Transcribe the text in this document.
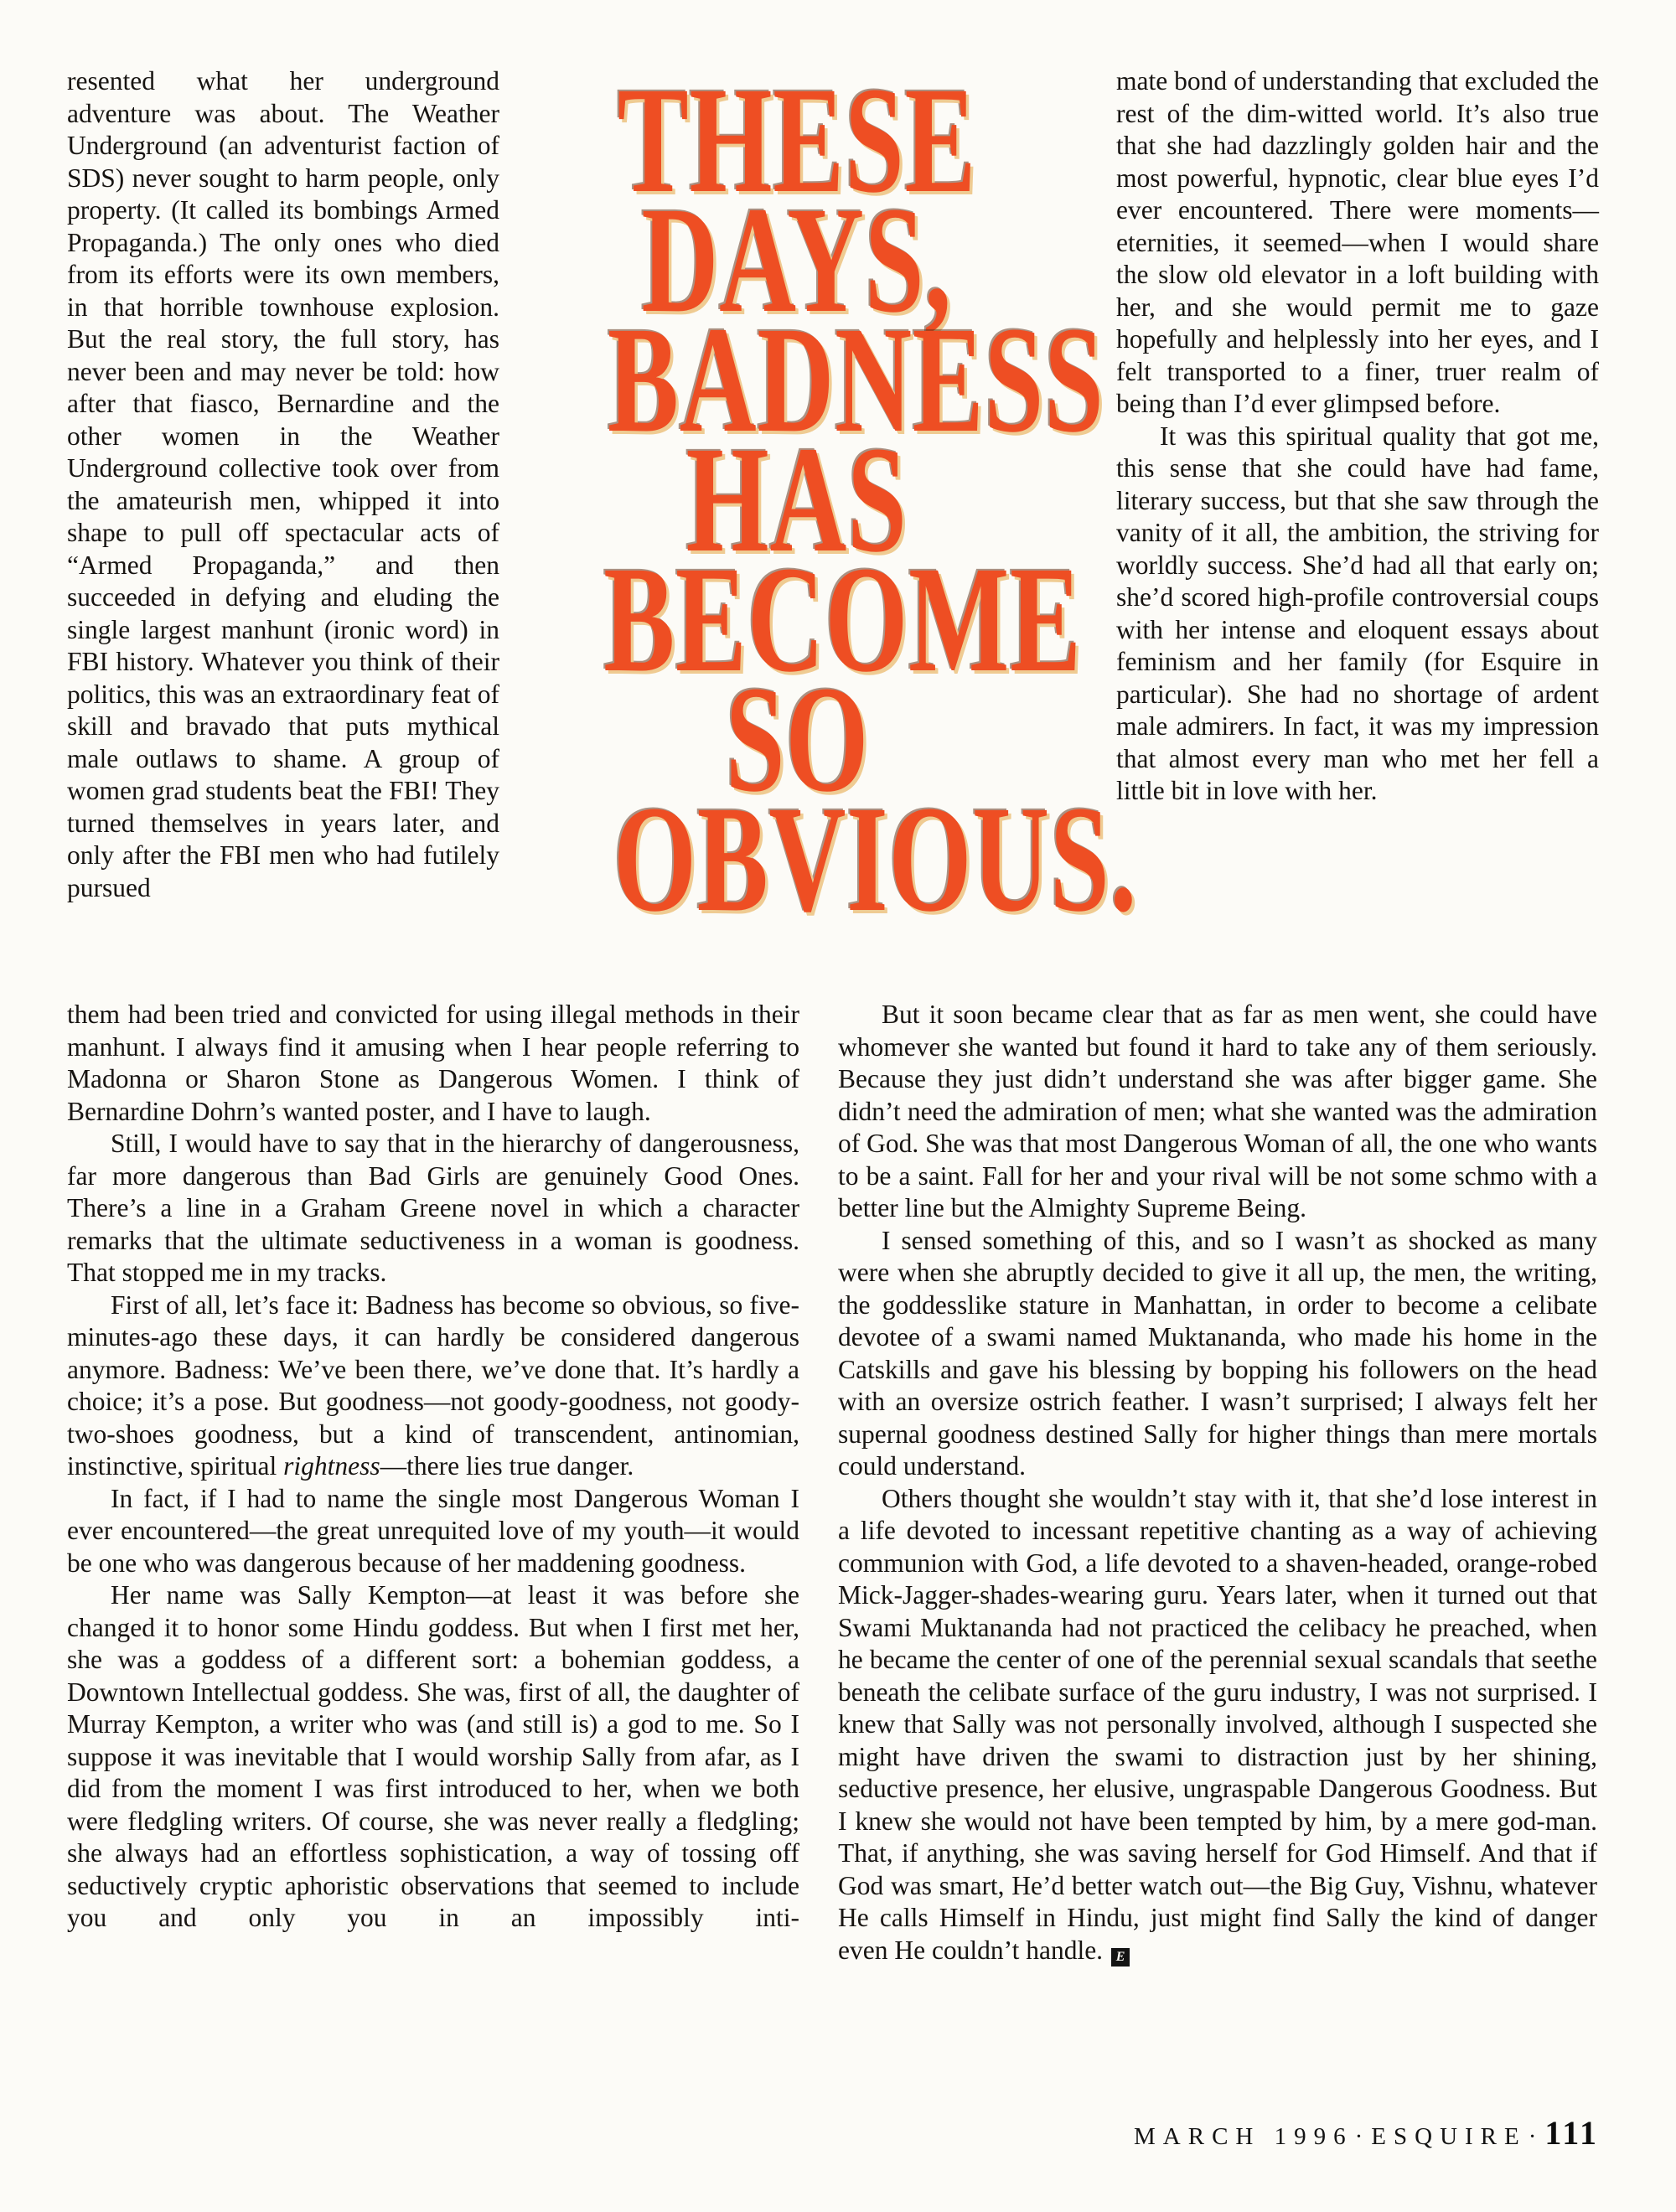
resented what her underground adventure was about. The Weather Underground (an adventurist faction of SDS) never sought to harm people, only property. (It called its bombings Armed Propaganda.) The only ones who died from its efforts were its own members, in that horrible townhouse explosion. But the real story, the full story, has never been and may never be told: how after that fiasco, Bernardine and the other women in the Weather Underground collective took over from the amateurish men, whipped it into shape to pull off spectacular acts of “Armed Propaganda,” and then succeeded in defying and eluding the single largest manhunt (ironic word) in FBI history. Whatever you think of their politics, this was an extraordinary feat of skill and bravado that puts mythical male outlaws to shame. A group of women grad students beat the FBI! They turned themselves in years later, and only after the FBI men who had futilely pursued

THESE
DAYS,
BADNESS
HAS
BECOME
SO
OBVIOUS.

mate bond of understanding that excluded the rest of the dim-witted world. It’s also true that she had dazzlingly golden hair and the most powerful, hypnotic, clear blue eyes I’d ever encountered. There were moments—eternities, it seemed—when I would share the slow old elevator in a loft building with her, and she would permit me to gaze hopefully and helplessly into her eyes, and I felt transported to a finer, truer realm of being than I’d ever glimpsed before.

It was this spiritual quality that got me, this sense that she could have had fame, literary success, but that she saw through the vanity of it all, the ambition, the striving for worldly success. She’d had all that early on; she’d scored high-profile controversial coups with her intense and eloquent essays about feminism and her family (for Esquire in particular). She had no shortage of ardent male admirers. In fact, it was my impression that almost every man who met her fell a little bit in love with her.

them had been tried and convicted for using illegal methods in their manhunt. I always find it amusing when I hear people referring to Madonna or Sharon Stone as Dangerous Women. I think of Bernardine Dohrn’s wanted poster, and I have to laugh.

Still, I would have to say that in the hierarchy of dangerousness, far more dangerous than Bad Girls are genuinely Good Ones. There’s a line in a Graham Greene novel in which a character remarks that the ultimate seductiveness in a woman is goodness. That stopped me in my tracks.

First of all, let’s face it: Badness has become so obvious, so five-minutes-ago these days, it can hardly be considered dangerous anymore. Badness: We’ve been there, we’ve done that. It’s hardly a choice; it’s a pose. But goodness—not goody-goodness, not goody-two-shoes goodness, but a kind of transcendent, antinomian, instinctive, spiritual rightness—there lies true danger.

In fact, if I had to name the single most Dangerous Woman I ever encountered—the great unrequited love of my youth—it would be one who was dangerous because of her maddening goodness.

Her name was Sally Kempton—at least it was before she changed it to honor some Hindu goddess. But when I first met her, she was a goddess of a different sort: a bohemian goddess, a Downtown Intellectual goddess. She was, first of all, the daughter of Murray Kempton, a writer who was (and still is) a god to me. So I suppose it was inevitable that I would worship Sally from afar, as I did from the moment I was first introduced to her, when we both were fledgling writers. Of course, she was never really a fledgling; she always had an effortless sophistication, a way of tossing off seductively cryptic aphoristic observations that seemed to include you and only you in an impossibly inti-

But it soon became clear that as far as men went, she could have whomever she wanted but found it hard to take any of them seriously. Because they just didn’t understand she was after bigger game. She didn’t need the admiration of men; what she wanted was the admiration of God. She was that most Dangerous Woman of all, the one who wants to be a saint. Fall for her and your rival will be not some schmo with a better line but the Almighty Supreme Being.

I sensed something of this, and so I wasn’t as shocked as many were when she abruptly decided to give it all up, the men, the writing, the goddesslike stature in Manhattan, in order to become a celibate devotee of a swami named Muktananda, who made his home in the Catskills and gave his blessing by bopping his followers on the head with an oversize ostrich feather. I wasn’t surprised; I always felt her supernal goodness destined Sally for higher things than mere mortals could understand.

Others thought she wouldn’t stay with it, that she’d lose interest in a life devoted to incessant repetitive chanting as a way of achieving communion with God, a life devoted to a shaven-headed, orange-robed Mick-Jagger-shades-wearing guru. Years later, when it turned out that Swami Muktananda had not practiced the celibacy he preached, when he became the center of one of the perennial sexual scandals that seethe beneath the celibate surface of the guru industry, I was not surprised. I knew that Sally was not personally involved, although I suspected she might have driven the swami to distraction just by her shining, seductive presence, her elusive, ungraspable Dangerous Goodness. But I knew she would not have been tempted by him, by a mere god-man. That, if anything, she was saving herself for God Himself. And that if God was smart, He’d better watch out—the Big Guy, Vishnu, whatever He calls Himself in Hindu, just might find Sally the kind of danger even He couldn’t handle. E

MARCH 1996 · ESQUIRE · 111
